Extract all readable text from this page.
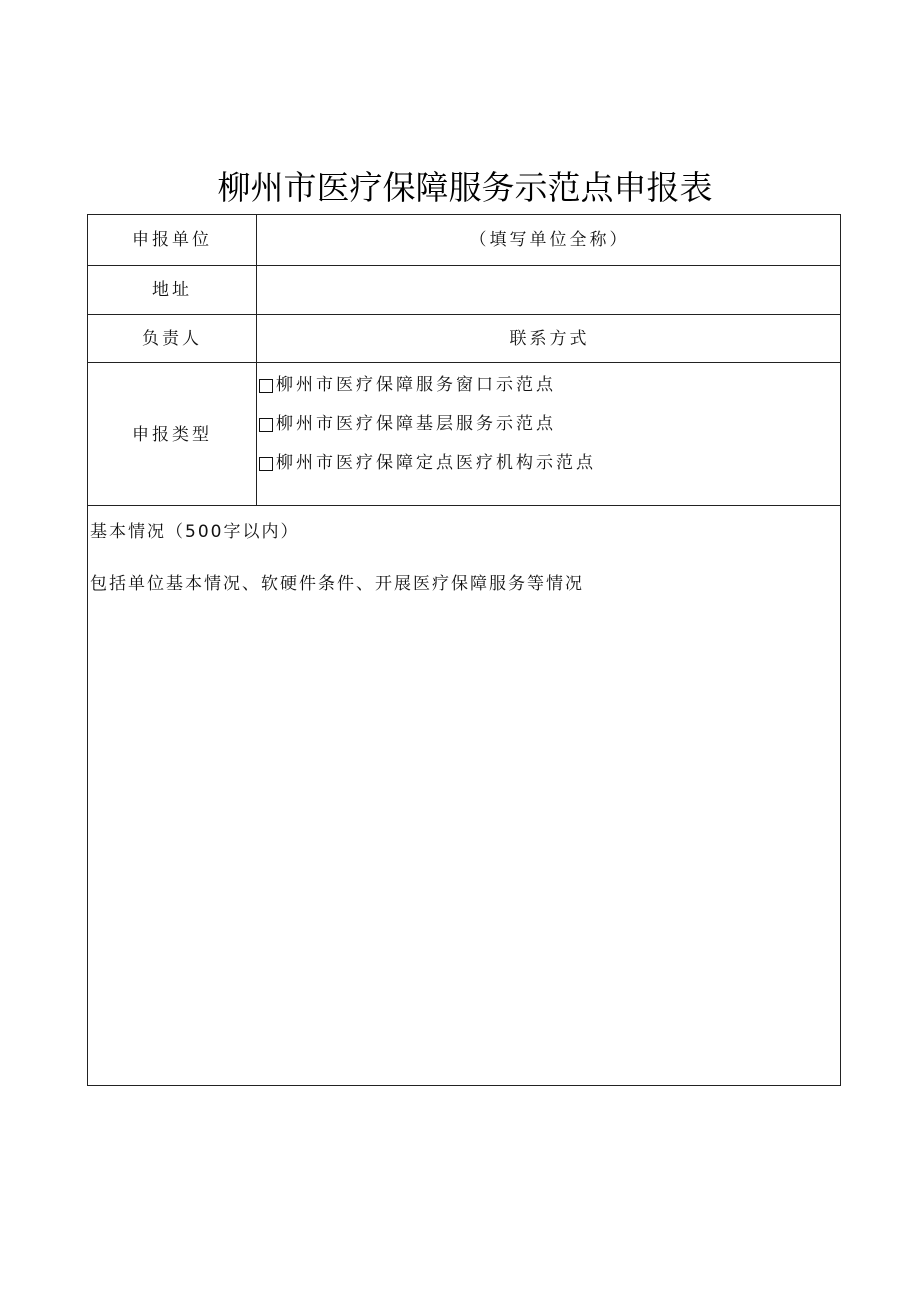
柳州市医疗保障服务示范点申报表
申报单位	（填写单位全称）
地址
负责人	联系方式
申报类型
柳州市医疗保障服务窗口示范点
柳州市医疗保障基层服务示范点
柳州市医疗保障定点医疗机构示范点
基本情况（500字以内）
包括单位基本情况、软硬件条件、开展医疗保障服务等情况
